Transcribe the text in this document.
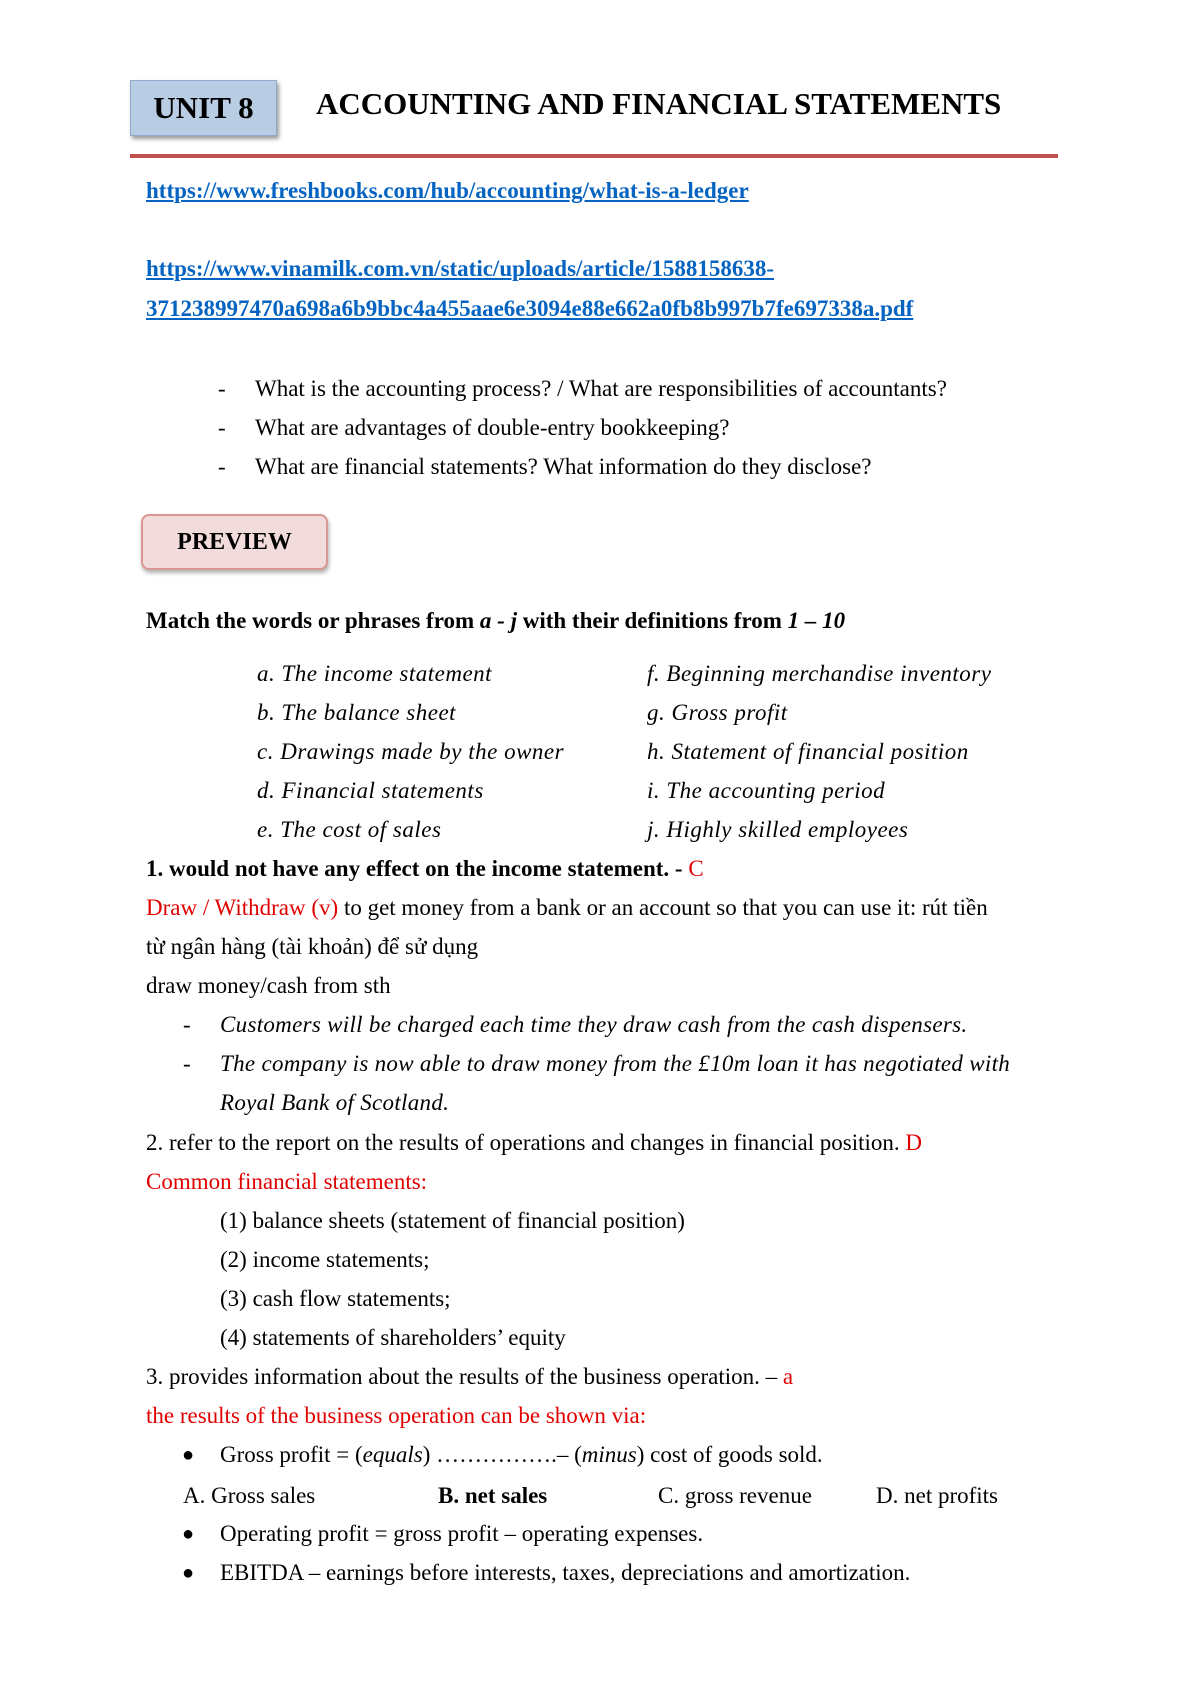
UNIT 8 ACCOUNTING AND FINANCIAL STATEMENTS
https://www.freshbooks.com/hub/accounting/what-is-a-ledger
https://www.vinamilk.com.vn/static/uploads/article/1588158638-
371238997470a698a6b9bbc4a455aae6e3094e88e662a0fb8b997b7fe697338a.pdf
- What is the accounting process? / What are responsibilities of accountants?
- What are advantages of double-entry bookkeeping?
- What are financial statements? What information do they disclose?
PREVIEW
Match the words or phrases from a - j with their definitions from 1 – 10
a. The income statement
b. The balance sheet
c. Drawings made by the owner
d. Financial statements
e. The cost of sales
f. Beginning merchandise inventory
g. Gross profit
h. Statement of financial position
i. The accounting period
j. Highly skilled employees
1. would not have any effect on the income statement. - C
Draw / Withdraw (v) to get money from a bank or an account so that you can use it: rút tiền
từ ngân hàng (tài khoản) để sử dụng
draw money/cash from sth
- Customers will be charged each time they draw cash from the cash dispensers.
- The company is now able to draw money from the £10m loan it has negotiated with
Royal Bank of Scotland.
2. refer to the report on the results of operations and changes in financial position. D
Common financial statements:
(1) balance sheets (statement of financial position)
(2) income statements;
(3) cash flow statements;
(4) statements of shareholders’ equity
3. provides information about the results of the business operation. – a
the results of the business operation can be shown via:
● Gross profit = (equals) …………….– (minus) cost of goods sold.
A. Gross sales	B. net sales	C. gross revenue	D. net profits
● Operating profit = gross profit – operating expenses.
● EBITDA – earnings before interests, taxes, depreciations and amortization.
